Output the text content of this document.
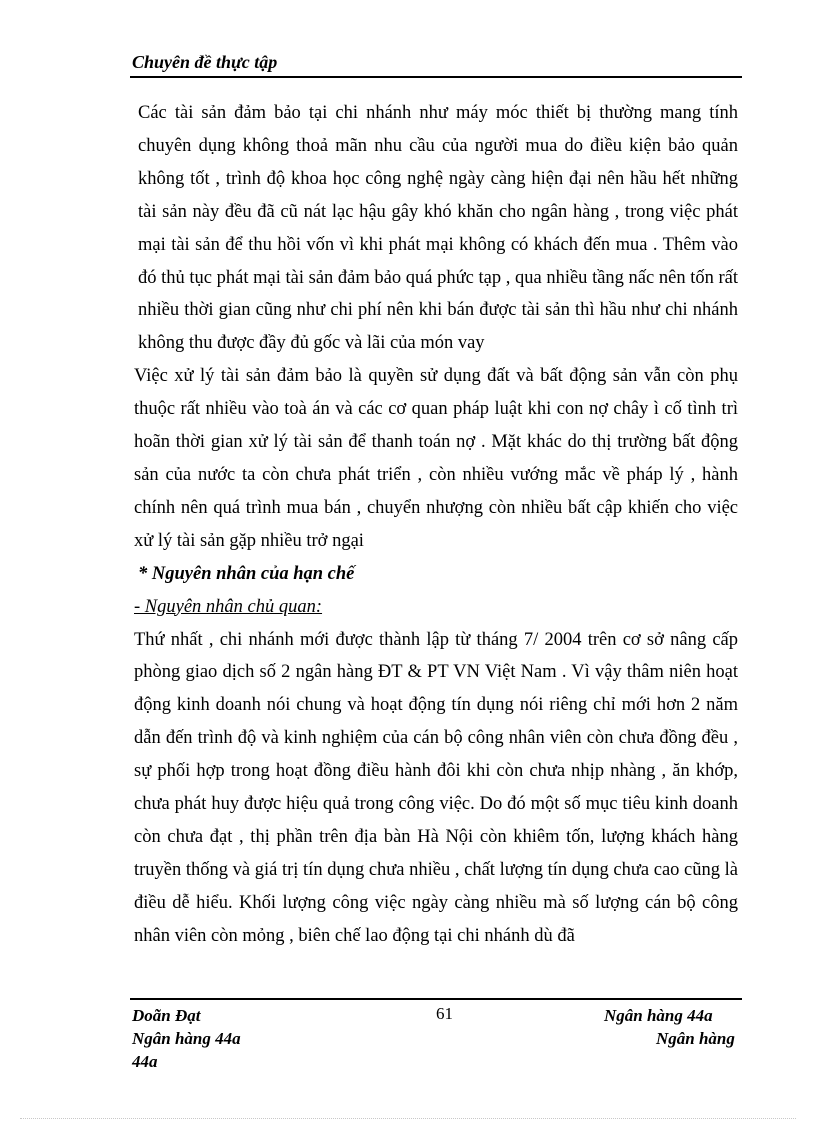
Chuyên đề thực tập

Các tài sản đảm bảo tại chi nhánh như máy móc thiết bị thường mang tính chuyên dụng không thoả mãn nhu cầu của người mua do điều kiện bảo quản không tốt , trình độ khoa học công nghệ ngày càng hiện đại nên hầu hết những tài sản này đều đã cũ nát lạc hậu gây khó khăn cho ngân hàng , trong việc phát mại tài sản để thu hồi vốn vì khi phát mại không có khách đến mua . Thêm vào đó thủ tục phát mại tài sản đảm bảo quá phức tạp , qua nhiều tầng nấc nên tốn rất nhiều thời gian cũng như chi phí nên khi bán được tài sản thì hầu như chi nhánh không thu được đầy đủ gốc và lãi của món vay

Việc xử lý tài sản đảm bảo là quyền sử dụng đất và bất động sản vẫn còn phụ thuộc rất nhiều vào toà án và các cơ quan pháp luật khi con nợ chây ì cố tình trì hoãn thời gian xử lý tài sản để thanh toán nợ . Mặt khác do thị trường bất động sản của nước ta còn chưa phát triển , còn nhiều vướng mắc về pháp lý , hành chính nên quá trình mua bán , chuyển nhượng còn nhiều bất cập khiến cho việc xử lý tài sản gặp nhiều trở ngại

* Nguyên nhân của hạn chế

- Nguyên nhân chủ quan:

Thứ nhất , chi nhánh mới được thành lập từ tháng 7/ 2004 trên cơ sở nâng cấp phòng giao dịch số 2 ngân hàng ĐT & PT VN Việt Nam . Vì vậy thâm niên hoạt động kinh doanh nói chung và hoạt động tín dụng nói riêng chỉ mới hơn 2 năm dẫn đến trình độ và kinh nghiệm của cán bộ công nhân viên còn chưa đồng đều , sự phối hợp trong hoạt đồng điều hành đôi khi còn chưa nhịp nhàng , ăn khớp, chưa phát huy được hiệu quả trong công việc. Do đó một số mục tiêu kinh doanh còn chưa đạt , thị phần trên địa bàn Hà Nội còn khiêm tốn, lượng khách hàng truyền thống và giá trị tín dụng chưa nhiều , chất lượng tín dụng chưa cao cũng là điều dễ hiểu. Khối lượng công việc ngày càng nhiều mà số lượng cán bộ công nhân viên còn mỏng , biên chế lao động tại chi nhánh dù đã

Doãn Đạt	61	Ngân hàng 44a
Ngân hàng 44a	Ngân hàng
44a
